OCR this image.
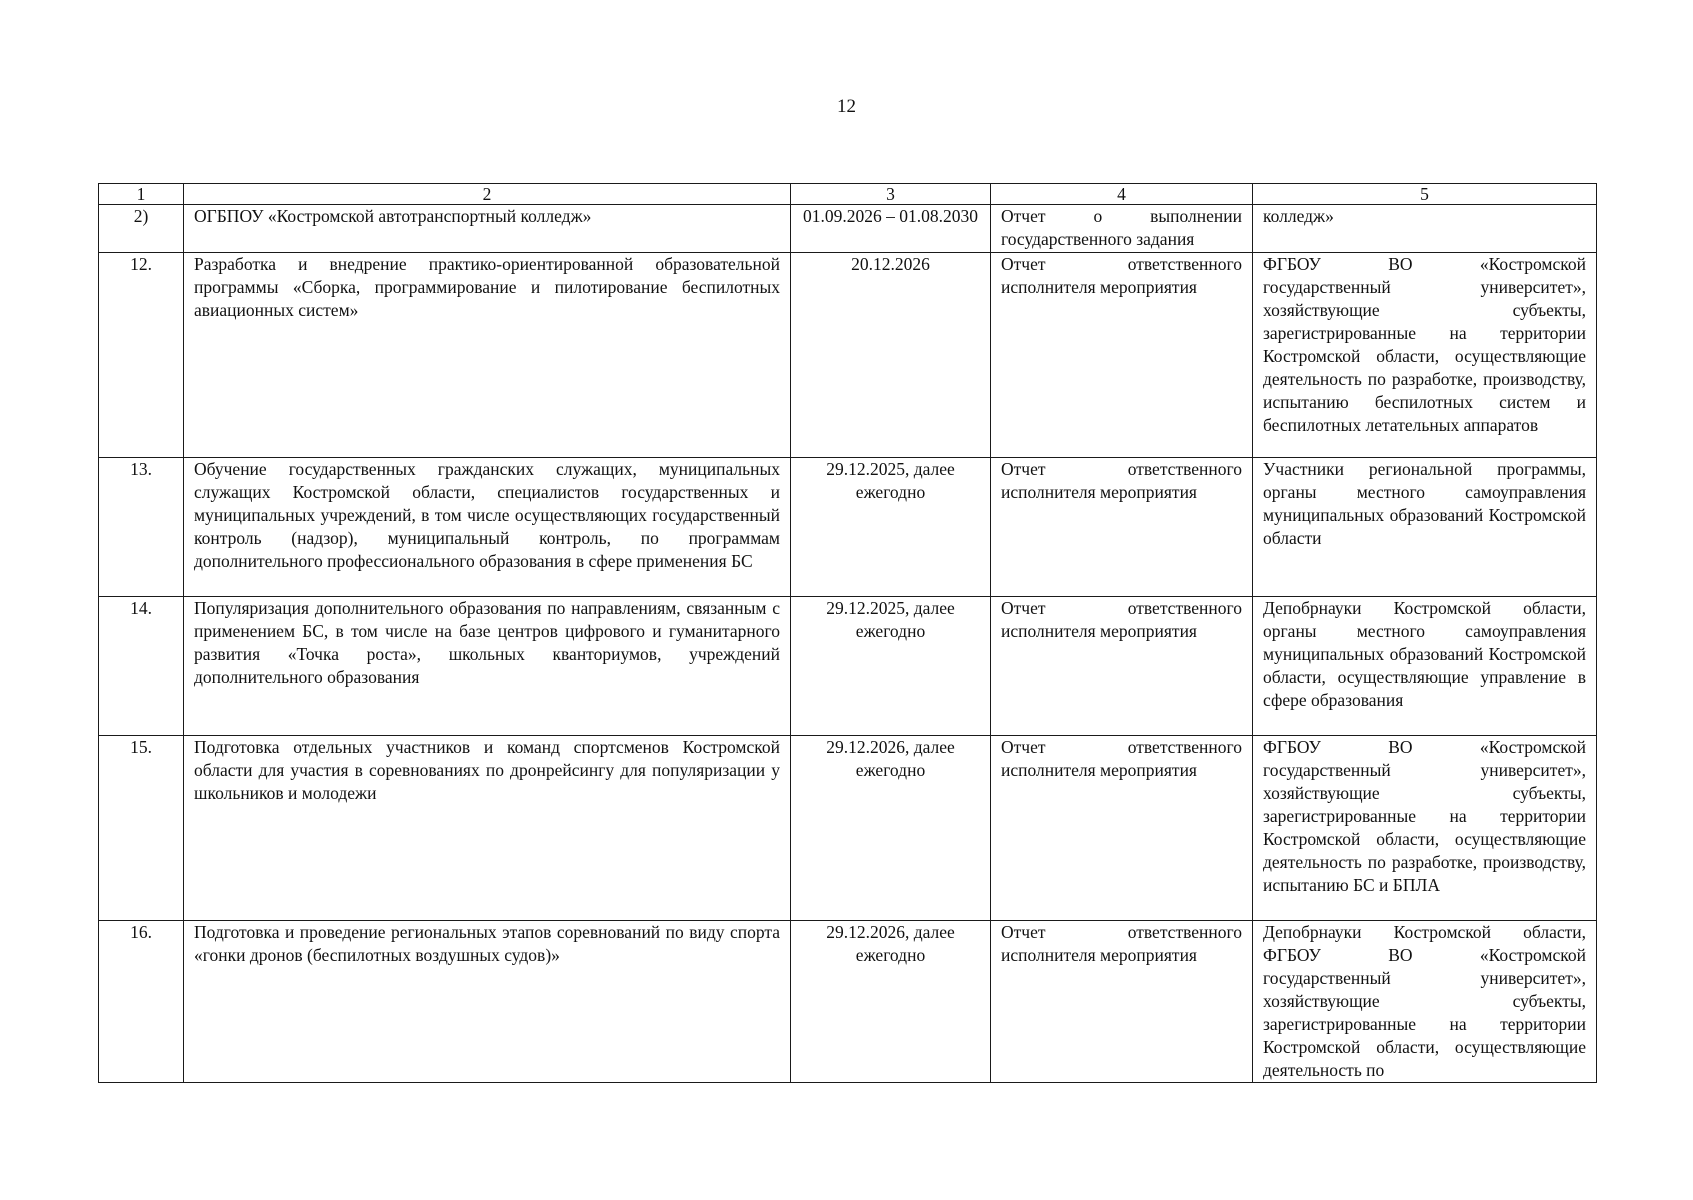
12
1	2	3	4	5
2)	ОГБПОУ «Костромской автотранспортный колледж»	01.09.2026 – 01.08.2030	Отчет о выполнении государственного задания	колледж»
12.	Разработка и внедрение практико-ориентированной образовательной программы «Сборка, программирование и пилотирование беспилотных авиационных систем»	20.12.2026	Отчет ответственного исполнителя мероприятия	ФГБОУ ВО «Костромской государственный университет», хозяйствующие субъекты, зарегистрированные на территории Костромской области, осуществляющие деятельность по разработке, производству, испытанию беспилотных систем и беспилотных летательных аппаратов
13.	Обучение государственных гражданских служащих, муниципальных служащих Костромской области, специалистов государственных и муниципальных учреждений, в том числе осуществляющих государственный контроль (надзор), муниципальный контроль, по программам дополнительного профессионального образования в сфере применения БС	29.12.2025, далее ежегодно	Отчет ответственного исполнителя мероприятия	Участники региональной программы, органы местного самоуправления муниципальных образований Костромской области
14.	Популяризация дополнительного образования по направлениям, связанным с применением БС, в том числе на базе центров цифрового и гуманитарного развития «Точка роста», школьных кванториумов, учреждений дополнительного образования	29.12.2025, далее ежегодно	Отчет ответственного исполнителя мероприятия	Депобрнауки Костромской области, органы местного самоуправления муниципальных образований Костромской области, осуществляющие управление в сфере образования
15.	Подготовка отдельных участников и команд спортсменов Костромской области для участия в соревнованиях по дронрейсингу для популяризации у школьников и молодежи	29.12.2026, далее ежегодно	Отчет ответственного исполнителя мероприятия	ФГБОУ ВО «Костромской государственный университет», хозяйствующие субъекты, зарегистрированные на территории Костромской области, осуществляющие деятельность по разработке, производству, испытанию БС и БПЛА
16.	Подготовка и проведение региональных этапов соревнований по виду спорта «гонки дронов (беспилотных воздушных судов)»	29.12.2026, далее ежегодно	Отчет ответственного исполнителя мероприятия	Депобрнауки Костромской области, ФГБОУ ВО «Костромской государственный университет», хозяйствующие субъекты, зарегистрированные на территории Костромской области, осуществляющие деятельность по
